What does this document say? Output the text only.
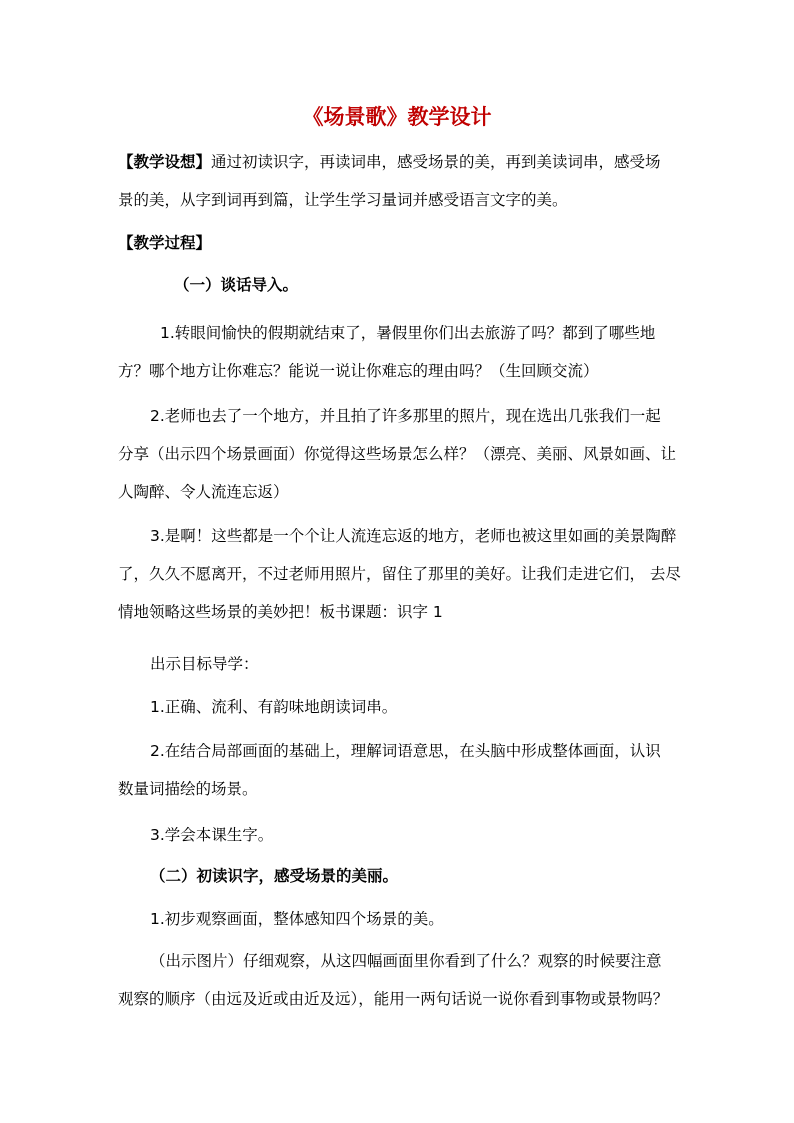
《场景歌》教学设计
【教学设想】通过初读识字，再读词串，感受场景的美，再到美读词串，感受场
景的美，从字到词再到篇，让学生学习量词并感受语言文字的美。
【教学过程】
（一）谈话导入。
1.转眼间愉快的假期就结束了，暑假里你们出去旅游了吗？都到了哪些地
方？哪个地方让你难忘？能说一说让你难忘的理由吗？（生回顾交流）
2.老师也去了一个地方，并且拍了许多那里的照片，现在选出几张我们一起
分享（出示四个场景画面）你觉得这些场景怎么样？（漂亮、美丽、风景如画、让
人陶醉、令人流连忘返）
3.是啊！这些都是一个个让人流连忘返的地方，老师也被这里如画的美景陶醉
了，久久不愿离开，不过老师用照片，留住了那里的美好。让我们走进它们， 去尽
情地领略这些场景的美妙把！板书课题：识字 1
出示目标导学：
1.正确、流利、有韵味地朗读词串。
2.在结合局部画面的基础上，理解词语意思，在头脑中形成整体画面，认识
数量词描绘的场景。
3.学会本课生字。
（二）初读识字，感受场景的美丽。
1.初步观察画面，整体感知四个场景的美。
（出示图片）仔细观察，从这四幅画面里你看到了什么？观察的时候要注意
观察的顺序（由远及近或由近及远），能用一两句话说一说你看到事物或景物吗？
